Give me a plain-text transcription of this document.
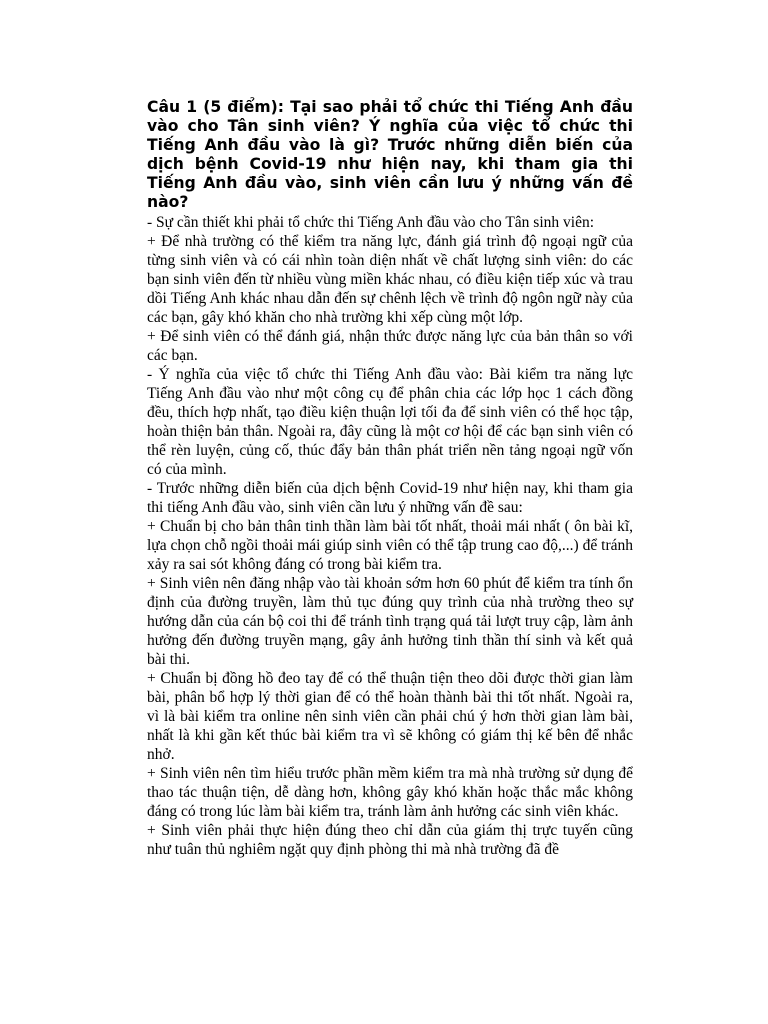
Câu 1 (5 điểm): Tại sao phải tổ chức thi Tiếng Anh đầu vào cho Tân sinh viên? Ý nghĩa của việc tổ chức thi Tiếng Anh đầu vào là gì? Trước những diễn biến của dịch bệnh Covid-19 như hiện nay, khi tham gia thi Tiếng Anh đầu vào, sinh viên cần lưu ý những vấn đề nào?

- Sự cần thiết khi phải tổ chức thi Tiếng Anh đầu vào cho Tân sinh viên:

+ Để nhà trường có thể kiểm tra năng lực, đánh giá trình độ ngoại ngữ của từng sinh viên và có cái nhìn toàn diện nhất về chất lượng sinh viên: do các bạn sinh viên đến từ nhiều vùng miền khác nhau, có điều kiện tiếp xúc và trau dồi Tiếng Anh khác nhau dẫn đến sự chênh lệch về trình độ ngôn ngữ này của các bạn, gây khó khăn cho nhà trường khi xếp cùng một lớp.

+ Để sinh viên có thể đánh giá, nhận thức được năng lực của bản thân so với các bạn.

- Ý nghĩa của việc tổ chức thi Tiếng Anh đầu vào: Bài kiểm tra năng lực Tiếng Anh đầu vào như một công cụ để phân chia các lớp học 1 cách đồng đều, thích hợp nhất, tạo điều kiện thuận lợi tối đa để sinh viên có thể học tập, hoàn thiện bản thân. Ngoài ra, đây cũng là một cơ hội để các bạn sinh viên có thể rèn luyện, củng cố, thúc đẩy bản thân phát triển nền tảng ngoại ngữ vốn có của mình.

- Trước những diễn biến của dịch bệnh Covid-19 như hiện nay, khi tham gia thi tiếng Anh đầu vào, sinh viên cần lưu ý những vấn đề sau:

+ Chuẩn bị cho bản thân tinh thần làm bài tốt nhất, thoải mái nhất ( ôn bài kĩ, lựa chọn chỗ ngồi thoải mái giúp sinh viên có thể tập trung cao độ,...) để tránh xảy ra sai sót không đáng có trong bài kiểm tra.

+ Sinh viên nên đăng nhập vào tài khoản sớm hơn 60 phút để kiểm tra tính ổn định của đường truyền, làm thủ tục đúng quy trình của nhà trường theo sự hướng dẫn của cán bộ coi thi để tránh tình trạng quá tải lượt truy cập, làm ảnh hưởng đến đường truyền mạng, gây ảnh hưởng tinh thần thí sinh và kết quả bài thi.

+ Chuẩn bị đồng hồ đeo tay để có thể thuận tiện theo dõi được thời gian làm bài, phân bổ hợp lý thời gian để có thể hoàn thành bài thi tốt nhất. Ngoài ra, vì là bài kiểm tra online nên sinh viên cần phải chú ý hơn thời gian làm bài, nhất là khi gần kết thúc bài kiểm tra vì sẽ không có giám thị kế bên để nhắc nhở.

+ Sinh viên nên tìm hiểu trước phần mềm kiểm tra mà nhà trường sử dụng để thao tác thuận tiện, dễ dàng hơn, không gây khó khăn hoặc thắc mắc không đáng có trong lúc làm bài kiểm tra, tránh làm ảnh hưởng các sinh viên khác.

+ Sinh viên phải thực hiện đúng theo chỉ dẫn của giám thị trực tuyến cũng như tuân thủ nghiêm ngặt quy định phòng thi mà nhà trường đã đề
